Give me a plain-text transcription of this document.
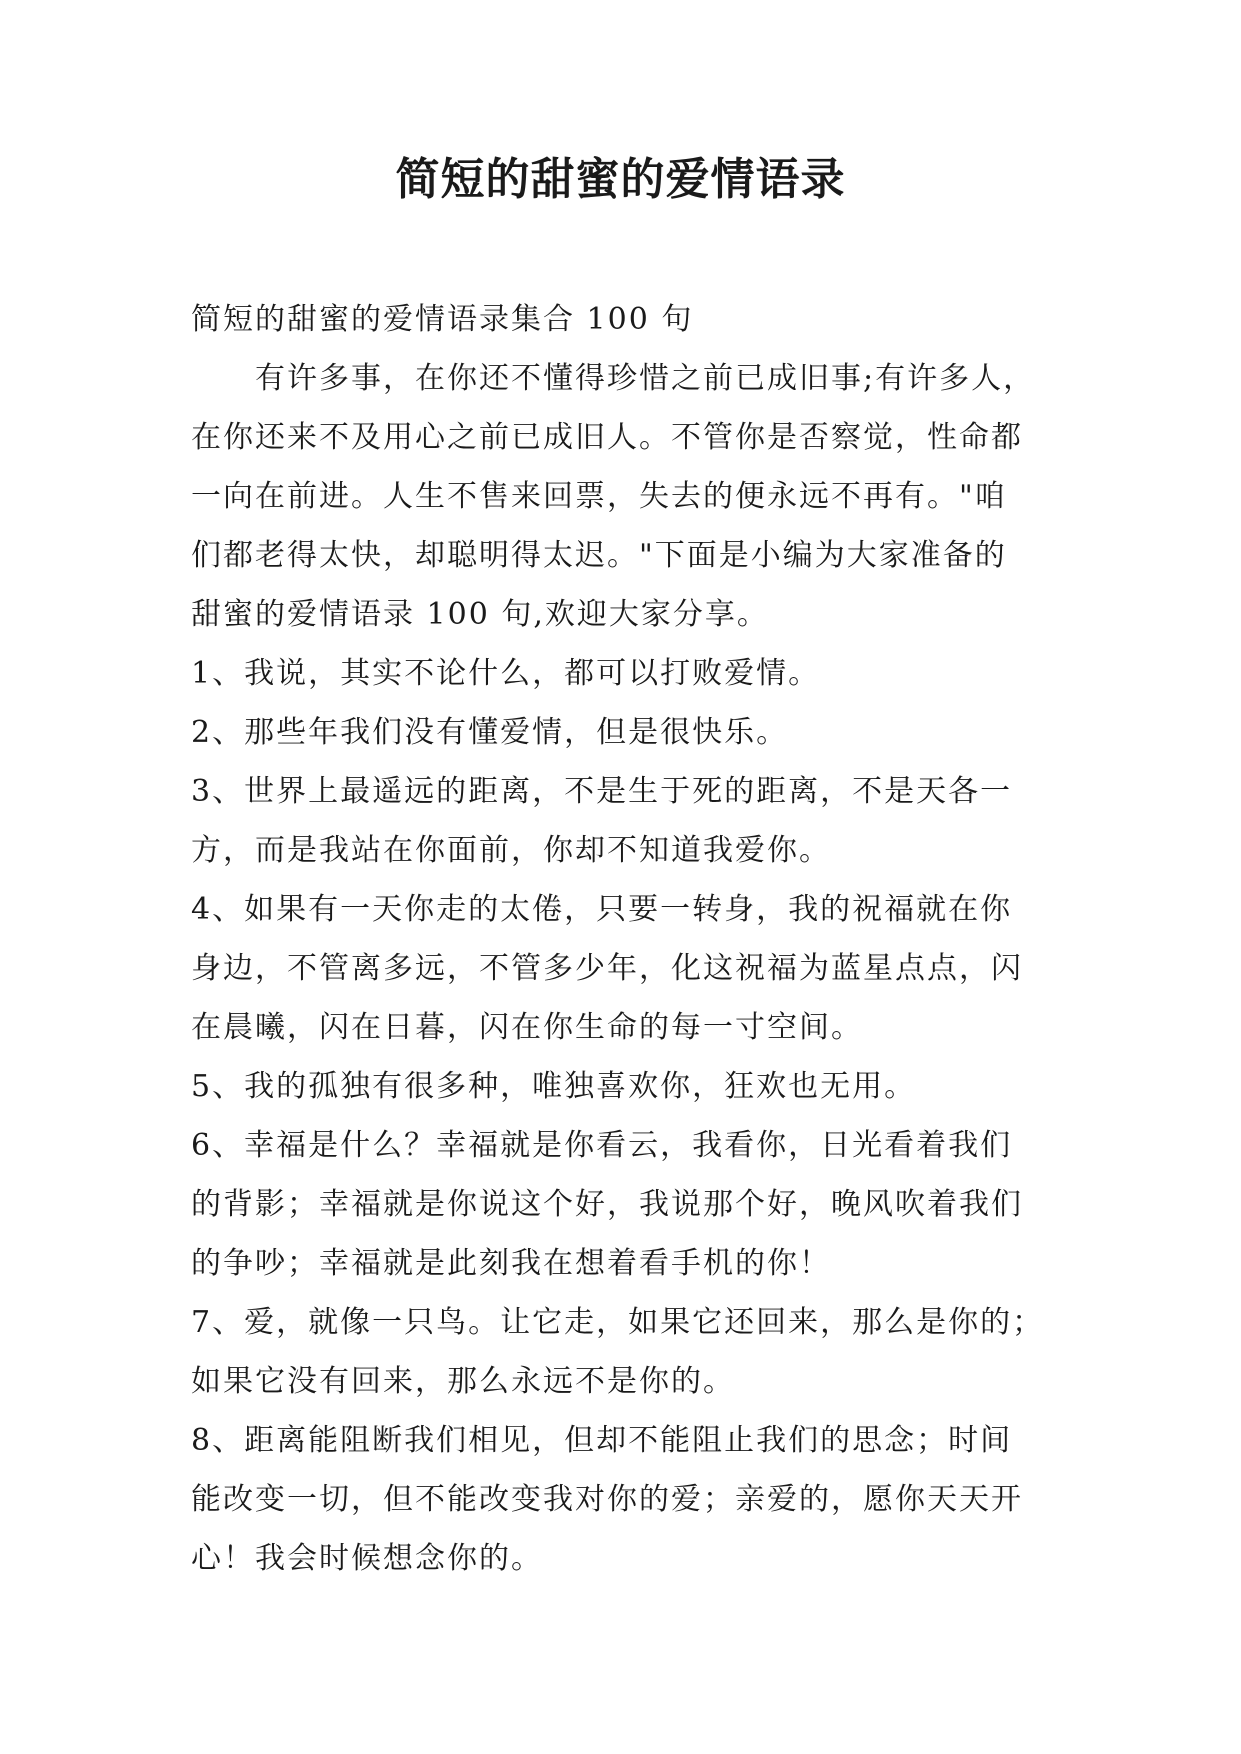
简短的甜蜜的爱情语录
简短的甜蜜的爱情语录集合 100 句
　　有许多事，在你还不懂得珍惜之前已成旧事;有许多人，
在你还来不及用心之前已成旧人。不管你是否察觉，性命都
一向在前进。人生不售来回票，失去的便永远不再有。"咱
们都老得太快，却聪明得太迟。"下面是小编为大家准备的
甜蜜的爱情语录 100 句,欢迎大家分享。
1、我说，其实不论什么，都可以打败爱情。
2、那些年我们没有懂爱情，但是很快乐。
3、世界上最遥远的距离，不是生于死的距离，不是天各一
方，而是我站在你面前，你却不知道我爱你。
4、如果有一天你走的太倦，只要一转身，我的祝福就在你
身边，不管离多远，不管多少年，化这祝福为蓝星点点，闪
在晨曦，闪在日暮，闪在你生命的每一寸空间。
5、我的孤独有很多种，唯独喜欢你，狂欢也无用。
6、幸福是什么？幸福就是你看云，我看你，日光看着我们
的背影；幸福就是你说这个好，我说那个好，晚风吹着我们
的争吵；幸福就是此刻我在想着看手机的你！
7、爱，就像一只鸟。让它走，如果它还回来，那么是你的；
如果它没有回来，那么永远不是你的。
8、距离能阻断我们相见，但却不能阻止我们的思念；时间
能改变一切，但不能改变我对你的爱；亲爱的，愿你天天开
心！我会时候想念你的。
